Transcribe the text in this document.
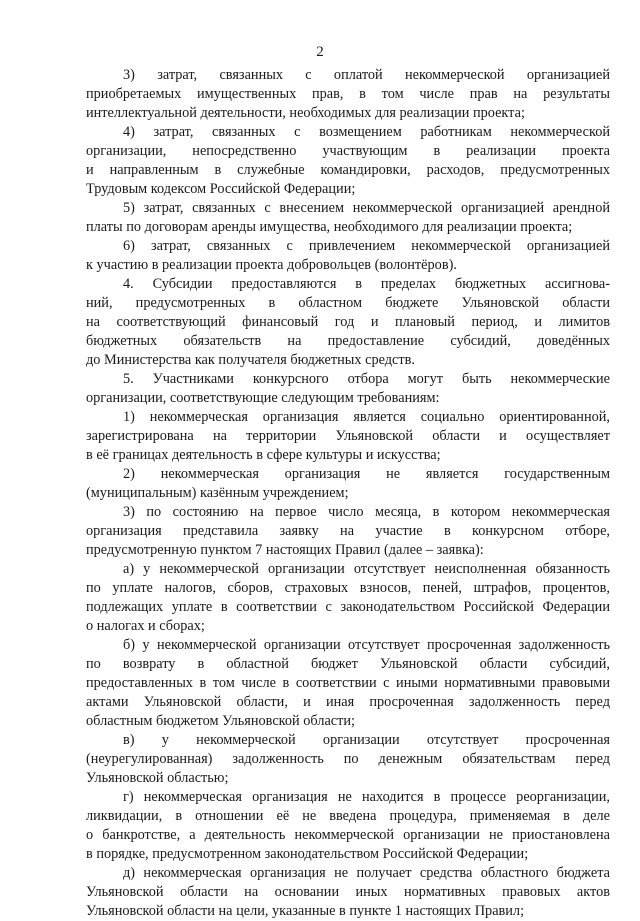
2
3) затрат, связанных с оплатой некоммерческой организацией
приобретаемых имущественных прав, в том числе прав на результаты
интеллектуальной деятельности, необходимых для реализации проекта;
4) затрат, связанных с возмещением работникам некоммерческой
организации, непосредственно участвующим в реализации проекта
и направленным в служебные командировки, расходов, предусмотренных
Трудовым кодексом Российской Федерации;
5) затрат, связанных с внесением некоммерческой организацией арендной
платы по договорам аренды имущества, необходимого для реализации проекта;
6) затрат, связанных с привлечением некоммерческой организацией
к участию в реализации проекта добровольцев (волонтёров).
4. Субсидии предоставляются в пределах бюджетных ассигнова-
ний, предусмотренных в областном бюджете Ульяновской области
на соответствующий финансовый год и плановый период, и лимитов
бюджетных обязательств на предоставление субсидий, доведённых
до Министерства как получателя бюджетных средств.
5. Участниками конкурсного отбора могут быть некоммерческие
организации, соответствующие следующим требованиям:
1) некоммерческая организация является социально ориентированной,
зарегистрирована на территории Ульяновской области и осуществляет
в её границах деятельность в сфере культуры и искусства;
2) некоммерческая организация не является государственным
(муниципальным) казённым учреждением;
3) по состоянию на первое число месяца, в котором некоммерческая
организация представила заявку на участие в конкурсном отборе,
предусмотренную пунктом 7 настоящих Правил (далее – заявка):
а) у некоммерческой организации отсутствует неисполненная обязанность
по уплате налогов, сборов, страховых взносов, пеней, штрафов, процентов,
подлежащих уплате в соответствии с законодательством Российской Федерации
о налогах и сборах;
б) у некоммерческой организации отсутствует просроченная задолженность
по возврату в областной бюджет Ульяновской области субсидий,
предоставленных в том числе в соответствии с иными нормативными правовыми
актами Ульяновской области, и иная просроченная задолженность перед
областным бюджетом Ульяновской области;
в) у некоммерческой организации отсутствует просроченная
(неурегулированная) задолженность по денежным обязательствам перед
Ульяновской областью;
г) некоммерческая организация не находится в процессе реорганизации,
ликвидации, в отношении её не введена процедура, применяемая в деле
о банкротстве, а деятельность некоммерческой организации не приостановлена
в порядке, предусмотренном законодательством Российской Федерации;
д) некоммерческая организация не получает средства областного бюджета
Ульяновской области на основании иных нормативных правовых актов
Ульяновской области на цели, указанные в пункте 1 настоящих Правил;
